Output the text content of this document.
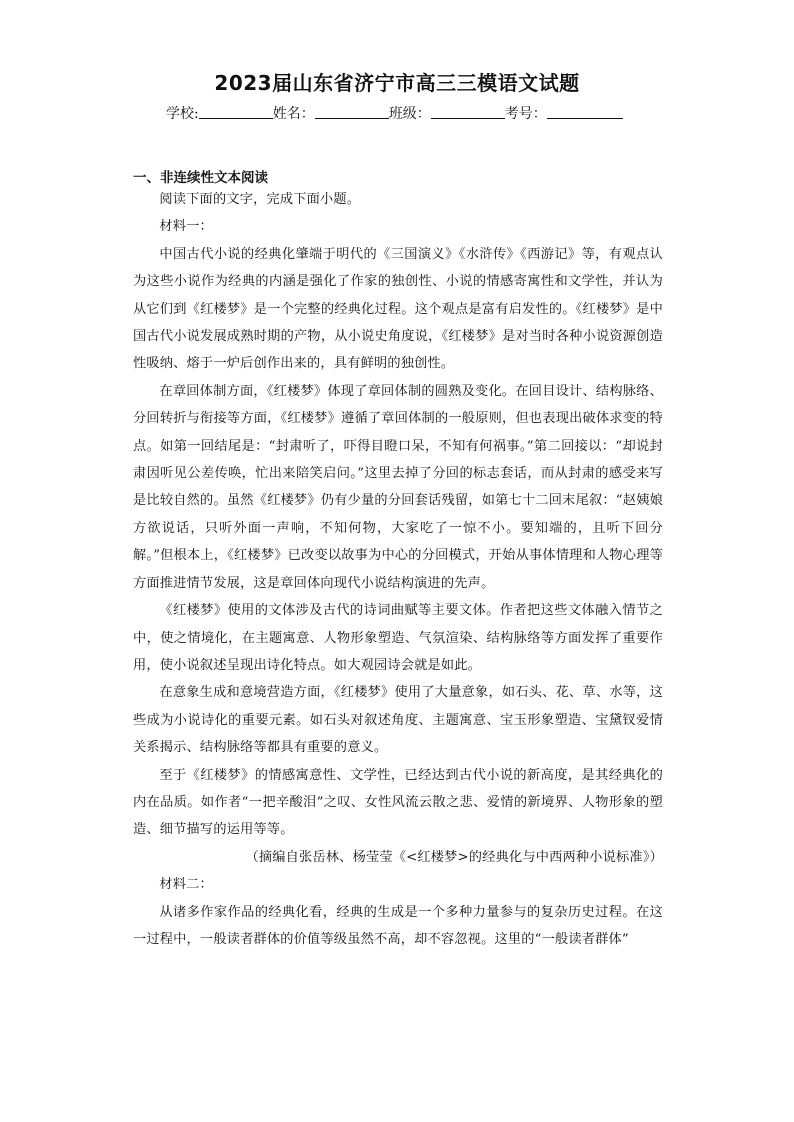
2023届山东省济宁市高三三模语文试题
学校:	姓名：	班级：	考号：
一、非连续性文本阅读

阅读下面的文字，完成下面小题。

材料一：

中国古代小说的经典化肇端于明代的《三国演义》《水浒传》《西游记》等，有观点认为这些小说作为经典的内涵是强化了作家的独创性、小说的情感寄寓性和文学性，并认为从它们到《红楼梦》是一个完整的经典化过程。这个观点是富有启发性的。《红楼梦》是中国古代小说发展成熟时期的产物，从小说史角度说，《红楼梦》是对当时各种小说资源创造性吸纳、熔于一炉后创作出来的，具有鲜明的独创性。

在章回体制方面，《红楼梦》体现了章回体制的圆熟及变化。在回目设计、结构脉络、分回转折与衔接等方面，《红楼梦》遵循了章回体制的一般原则，但也表现出破体求变的特点。如第一回结尾是：“封肃听了，吓得目瞪口呆，不知有何祸事。”第二回接以：“却说封肃因听见公差传唤，忙出来陪笑启问。”这里去掉了分回的标志套话，而从封肃的感受来写是比较自然的。虽然《红楼梦》仍有少量的分回套话残留，如第七十二回末尾叙：“赵姨娘方欲说话，只听外面一声响，不知何物，大家吃了一惊不小。要知端的，且听下回分解。”但根本上，《红楼梦》已改变以故事为中心的分回模式，开始从事体情理和人物心理等方面推进情节发展，这是章回体向现代小说结构演进的先声。

《红楼梦》使用的文体涉及古代的诗词曲赋等主要文体。作者把这些文体融入情节之中，使之情境化，在主题寓意、人物形象塑造、气氛渲染、结构脉络等方面发挥了重要作用，使小说叙述呈现出诗化特点。如大观园诗会就是如此。

在意象生成和意境营造方面，《红楼梦》使用了大量意象，如石头、花、草、水等，这些成为小说诗化的重要元素。如石头对叙述角度、主题寓意、宝玉形象塑造、宝黛钗爱情关系揭示、结构脉络等都具有重要的意义。

至于《红楼梦》的情感寓意性、文学性，已经达到古代小说的新高度，是其经典化的内在品质。如作者“一把辛酸泪”之叹、女性风流云散之悲、爱情的新境界、人物形象的塑造、细节描写的运用等等。

（摘编自张岳林、杨莹莹《<红楼梦>的经典化与中西两种小说标准》）

材料二：

从诸多作家作品的经典化看，经典的生成是一个多种力量参与的复杂历史过程。在这一过程中，一般读者群体的价值等级虽然不高，却不容忽视。这里的“一般读者群体”
